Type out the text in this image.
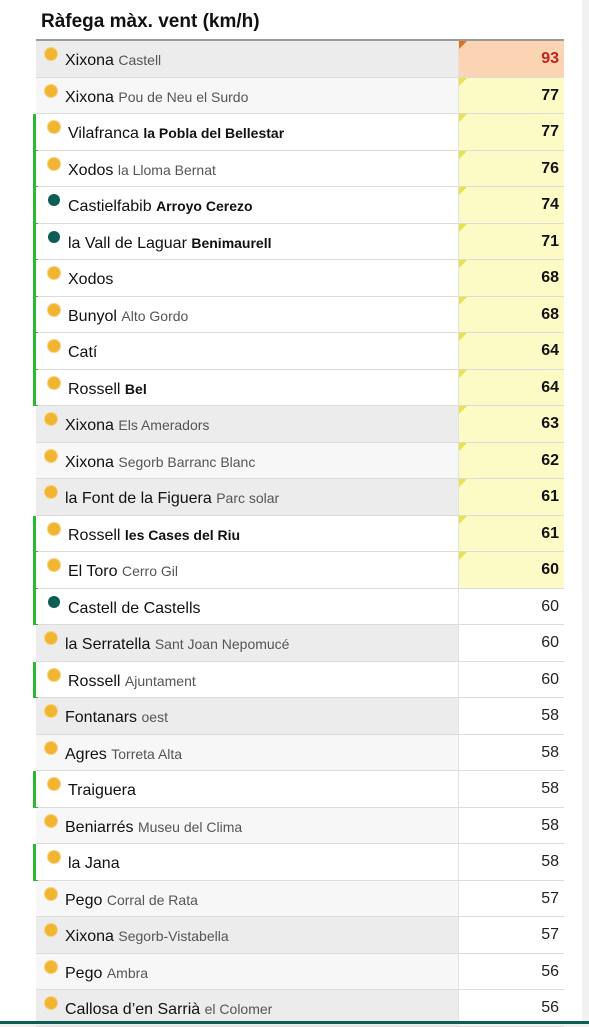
Ràfega màx. vent (km/h)
Xixona Castell	93
Xixona Pou de Neu el Surdo	77
Vilafranca la Pobla del Bellestar	77
Xodos la Lloma Bernat	76
Castielfabib Arroyo Cerezo	74
la Vall de Laguar Benimaurell	71
Xodos	68
Bunyol Alto Gordo	68
Catí	64
Rossell Bel	64
Xixona Els Ameradors	63
Xixona Segorb Barranc Blanc	62
la Font de la Figuera Parc solar	61
Rossell les Cases del Riu	61
El Toro Cerro Gil	60
Castell de Castells	60
la Serratella Sant Joan Nepomucé	60
Rossell Ajuntament	60
Fontanars oest	58
Agres Torreta Alta	58
Traiguera	58
Beniarrés Museu del Clima	58
la Jana	58
Pego Corral de Rata	57
Xixona Segorb-Vistabella	57
Pego Ambra	56
Callosa d’en Sarrià el Colomer	56
